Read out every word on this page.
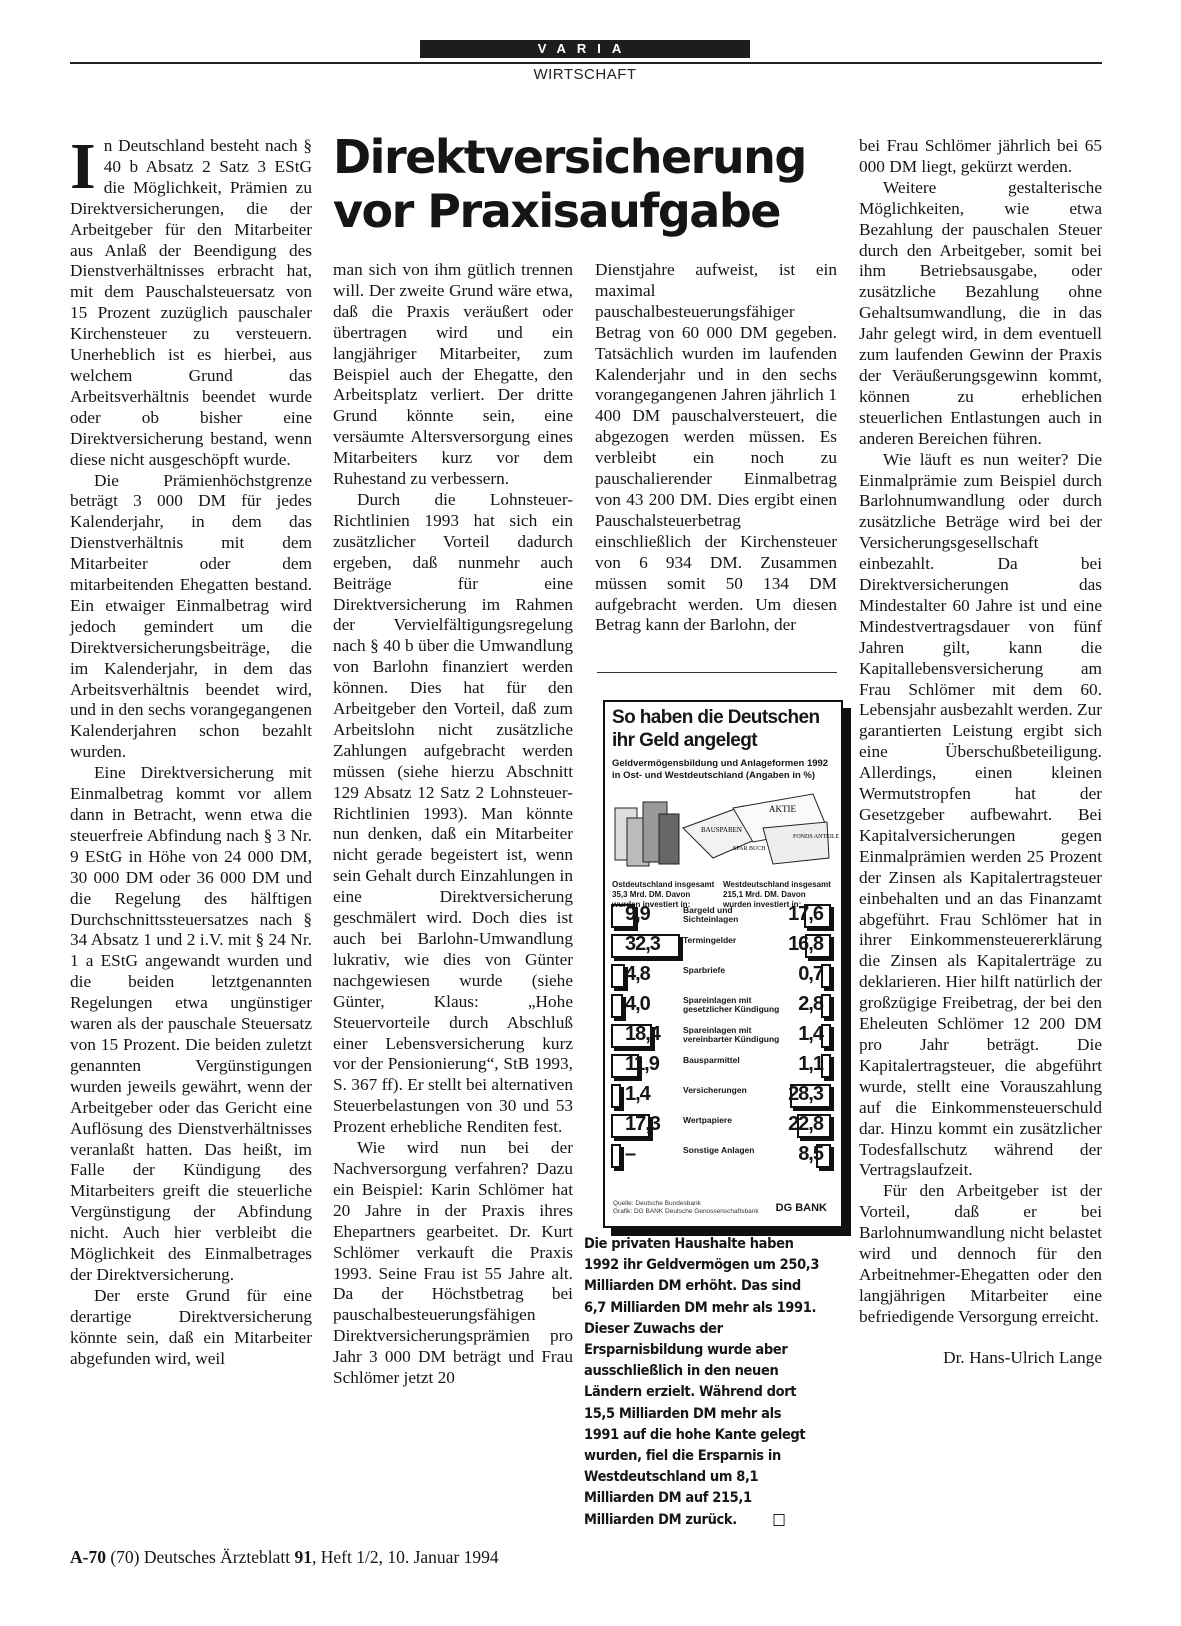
VARIA
WIRTSCHAFT
Direktversicherung
vor Praxisaufgabe

In Deutschland besteht nach § 40 b Absatz 2 Satz 3 EStG die Möglichkeit, Prämien zu Direktversicherungen, die der Arbeitgeber für den Mitarbeiter aus Anlaß der Beendigung des Dienstverhältnisses erbracht hat, mit dem Pauschalsteuersatz von 15 Prozent zuzüglich pauschaler Kirchensteuer zu versteuern. Unerheblich ist es hierbei, aus welchem Grund das Arbeitsverhältnis beendet wurde oder ob bisher eine Direktversicherung bestand, wenn diese nicht ausgeschöpft wurde.

Die Prämienhöchstgrenze beträgt 3 000 DM für jedes Kalenderjahr, in dem das Dienstverhältnis mit dem Mitarbeiter oder dem mitarbeitenden Ehegatten bestand. Ein etwaiger Einmalbetrag wird jedoch gemindert um die Direktversicherungsbeiträge, die im Kalenderjahr, in dem das Arbeitsverhältnis beendet wird, und in den sechs vorangegangenen Kalenderjahren schon bezahlt wurden.

Eine Direktversicherung mit Einmalbetrag kommt vor allem dann in Betracht, wenn etwa die steuerfreie Abfindung nach § 3 Nr. 9 EStG in Höhe von 24 000 DM, 30 000 DM oder 36 000 DM und die Regelung des hälftigen Durchschnittssteuersatzes nach § 34 Absatz 1 und 2 i.V. mit § 24 Nr. 1 a EStG angewandt wurden und die beiden letztgenannten Regelungen etwa ungünstiger waren als der pauschale Steuersatz von 15 Prozent. Die beiden zuletzt genannten Vergünstigungen wurden jeweils gewährt, wenn der Arbeitgeber oder das Gericht eine Auflösung des Dienstverhältnisses veranlaßt hatten. Das heißt, im Falle der Kündigung des Mitarbeiters greift die steuerliche Vergünstigung der Abfindung nicht. Auch hier verbleibt die Möglichkeit des Einmalbetrages der Direktversicherung.

Der erste Grund für eine derartige Direktversicherung könnte sein, daß ein Mitarbeiter abgefunden wird, weil

man sich von ihm gütlich trennen will. Der zweite Grund wäre etwa, daß die Praxis veräußert oder übertragen wird und ein langjähriger Mitarbeiter, zum Beispiel auch der Ehegatte, den Arbeitsplatz verliert. Der dritte Grund könnte sein, eine versäumte Altersversorgung eines Mitarbeiters kurz vor dem Ruhestand zu verbessern.

Durch die Lohnsteuer-Richtlinien 1993 hat sich ein zusätzlicher Vorteil dadurch ergeben, daß nunmehr auch Beiträge für eine Direktversicherung im Rahmen der Vervielfältigungsregelung nach § 40 b über die Umwandlung von Barlohn finanziert werden können. Dies hat für den Arbeitgeber den Vorteil, daß zum Arbeitslohn nicht zusätzliche Zahlungen aufgebracht werden müssen (siehe hierzu Abschnitt 129 Absatz 12 Satz 2 Lohnsteuer-Richtlinien 1993). Man könnte nun denken, daß ein Mitarbeiter nicht gerade begeistert ist, wenn sein Gehalt durch Einzahlungen in eine Direktversicherung geschmälert wird. Doch dies ist auch bei Barlohn-Umwandlung lukrativ, wie dies von Günter nachgewiesen wurde (siehe Günter, Klaus: „Hohe Steuervorteile durch Abschluß einer Lebensversicherung kurz vor der Pensionierung“, StB 1993, S. 367 ff). Er stellt bei alternativen Steuerbelastungen von 30 und 53 Prozent erhebliche Renditen fest.

Wie wird nun bei der Nachversorgung verfahren? Dazu ein Beispiel: Karin Schlömer hat 20 Jahre in der Praxis ihres Ehepartners gearbeitet. Dr. Kurt Schlömer verkauft die Praxis 1993. Seine Frau ist 55 Jahre alt. Da der Höchstbetrag bei pauschalbesteuerungsfähigen Direktversicherungsprämien pro Jahr 3 000 DM beträgt und Frau Schlömer jetzt 20

Dienstjahre aufweist, ist ein maximal pauschalbesteuerungsfähiger Betrag von 60 000 DM gegeben. Tatsächlich wurden im laufenden Kalenderjahr und in den sechs vorangegangenen Jahren jährlich 1 400 DM pauschalversteuert, die abgezogen werden müssen. Es verbleibt ein noch zu pauschalierender Einmalbetrag von 43 200 DM. Dies ergibt einen Pauschalsteuerbetrag einschließlich der Kirchensteuer von 6 934 DM. Zusammen müssen somit 50 134 DM aufgebracht werden. Um diesen Betrag kann der Barlohn, der

So haben die Deutschen
ihr Geld angelegt
Geldvermögensbildung und Anlageformen 1992
in Ost- und Westdeutschland (Angaben in %)
BAUSPAREN
AKTIE
FONDS ANTEILE
SPAR BUCH
Ostdeutschland insgesamt 35,3 Mrd. DM. Davon wurden investiert in:
Westdeutschland insgesamt 215,1 Mrd. DM. Davon wurden investiert in:
9,9	Bargeld und Sichteinlagen	17,6
32,3	Termingelder	16,8
4,8	Sparbriefe	0,7
4,0	Spareinlagen mit gesetzlicher Kündigung 2,8
18,4	Spareinlagen mit vereinbarter Kündigung 1,4
11,9	Bausparmittel	1,1
1,4	Versicherungen	28,3
17,3	Wertpapiere	22,8
–	Sonstige Anlagen	8,5
Quelle: Deutsche Bundesbank
Grafik: DG BANK Deutsche Genossenschaftsbank DG BANK
Die privaten Haushalte haben 1992 ihr Geldvermögen um 250,3 Milliarden DM erhöht. Das sind 6,7 Milliarden DM mehr als 1991. Dieser Zuwachs der Ersparnisbildung wurde aber ausschließlich in den neuen Ländern erzielt. Während dort 15,5 Milliarden DM mehr als 1991 auf die hohe Kante gelegt wurden, fiel die Ersparnis in Westdeutschland um 8,1 Milliarden DM auf 215,1 Milliarden DM zurück.

bei Frau Schlömer jährlich bei 65 000 DM liegt, gekürzt werden.

Weitere gestalterische Möglichkeiten, wie etwa Bezahlung der pauschalen Steuer durch den Arbeitgeber, somit bei ihm Betriebsausgabe, oder zusätzliche Bezahlung ohne Gehaltsumwandlung, die in das Jahr gelegt wird, in dem eventuell zum laufenden Gewinn der Praxis der Veräußerungsgewinn kommt, können zu erheblichen steuerlichen Entlastungen auch in anderen Bereichen führen.

Wie läuft es nun weiter? Die Einmalprämie zum Beispiel durch Barlohnumwandlung oder durch zusätzliche Beträge wird bei der Versicherungsgesellschaft einbezahlt. Da bei Direktversicherungen das Mindestalter 60 Jahre ist und eine Mindestvertragsdauer von fünf Jahren gilt, kann die Kapitallebensversicherung am Frau Schlömer mit dem 60. Lebensjahr ausbezahlt werden. Zur garantierten Leistung ergibt sich eine Überschußbeteiligung. Allerdings, einen kleinen Wermutstropfen hat der Gesetzgeber aufbewahrt. Bei Kapitalversicherungen gegen Einmalprämien werden 25 Prozent der Zinsen als Kapitalertragsteuer einbehalten und an das Finanzamt abgeführt. Frau Schlömer hat in ihrer Einkommensteuererklärung die Zinsen als Kapitalerträge zu deklarieren. Hier hilft natürlich der großzügige Freibetrag, der bei den Eheleuten Schlömer 12 200 DM pro Jahr beträgt. Die Kapitalertragsteuer, die abgeführt wurde, stellt eine Vorauszahlung auf die Einkommensteuerschuld dar. Hinzu kommt ein zusätzlicher Todesfallschutz während der Vertragslaufzeit.

Für den Arbeitgeber ist der Vorteil, daß er bei Barlohnumwandlung nicht belastet wird und dennoch für den Arbeitnehmer-Ehegatten oder den langjährigen Mitarbeiter eine befriedigende Versorgung erreicht.

Dr. Hans-Ulrich Lange
A-70 (70) Deutsches Ärzteblatt 91, Heft 1/2, 10. Januar 1994
